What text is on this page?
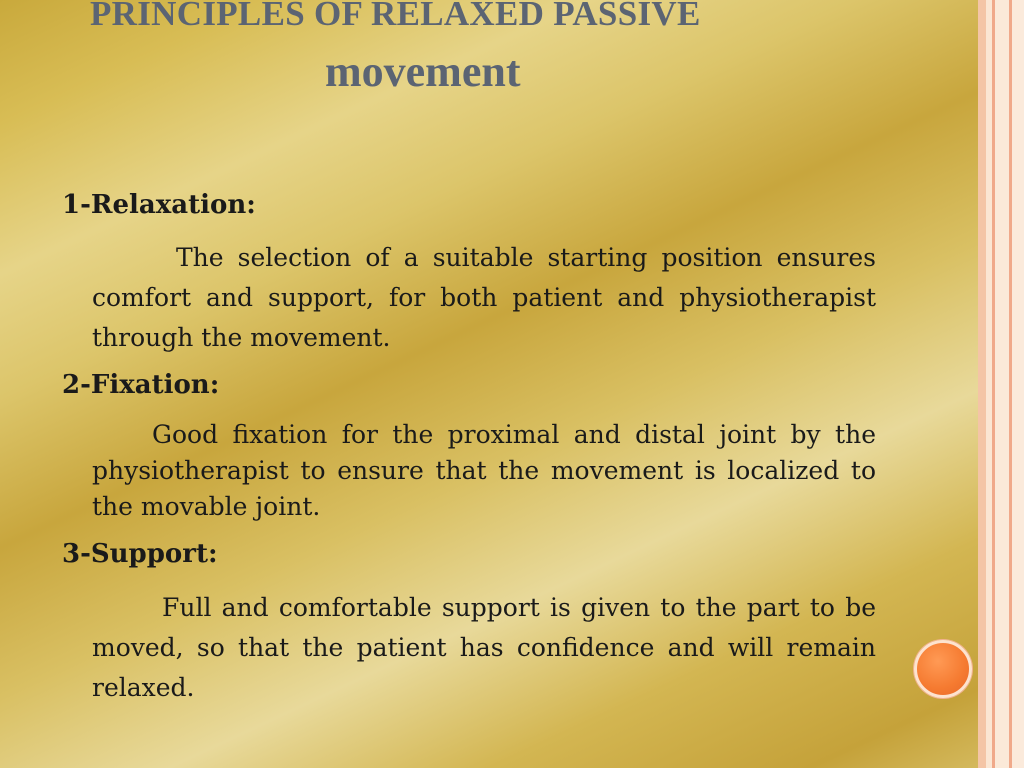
PRINCIPLES OF RELAXED PASSIVE
movement
1-Relaxation:
The selection of a suitable starting position ensures comfort and support, for both patient and physiotherapist through the movement.
2-Fixation:
Good fixation for the proximal and distal joint by the physiotherapist to ensure that the movement is localized to the movable joint.
3-Support:
Full and comfortable support is given to the part to be moved, so that the patient has confidence and will remain relaxed.
